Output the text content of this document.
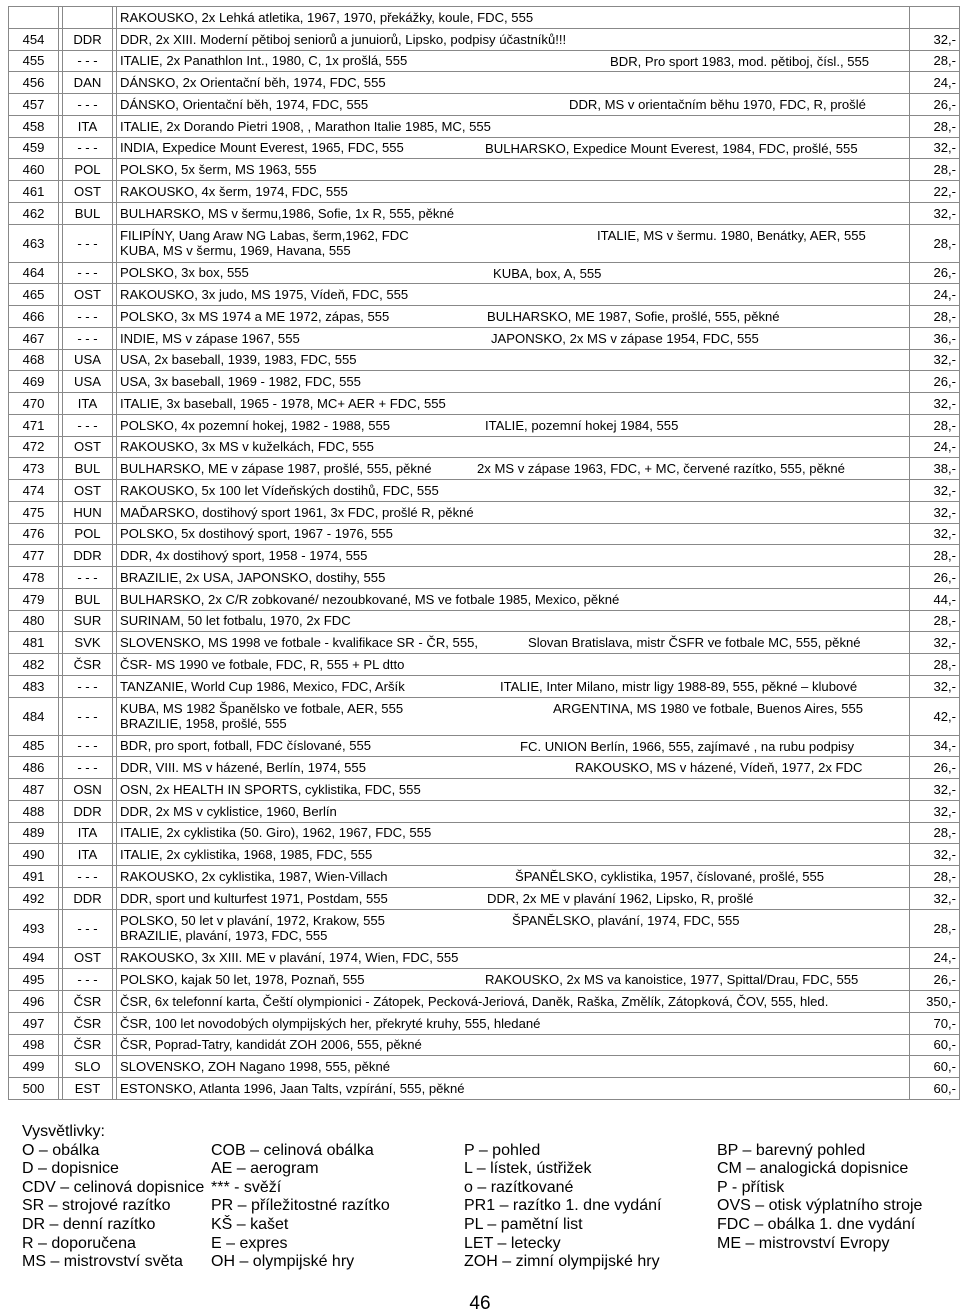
				RAKOUSKO, 2x Lehká atletika, 1967, 1970, překážky, koule, FDC, 555	
454		DDR		DDR, 2x XIII. Moderní pětiboj seniorů a junuiorů, Lipsko, podpisy účastníků!!!	32,-
455		- - -		ITALIE, 2x Panathlon Int., 1980, C, 1x prošlá, 555 BDR, Pro sport 1983, mod. pětiboj, čísl., 555	28,-
456		DAN		DÁNSKO, 2x Orientační běh, 1974, FDC, 555	24,-
457		- - -		DÁNSKO, Orientační běh, 1974, FDC, 555 DDR, MS v orientačním běhu 1970, FDC, R, prošlé	26,-
458		ITA		ITALIE, 2x Dorando Pietri 1908, , Marathon Italie 1985, MC, 555	28,-
459		- - -		INDIA, Expedice Mount Everest, 1965, FDC, 555 BULHARSKO, Expedice Mount Everest, 1984, FDC, prošlé, 555	32,-
460		POL		POLSKO, 5x šerm, MS 1963, 555	28,-
461		OST		RAKOUSKO, 4x šerm, 1974, FDC, 555	22,-
462		BUL		BULHARSKO, MS v šermu,1986, Sofie, 1x R, 555, pěkné	32,-
463		- - -		FILIPÍNY, Uang Araw NG Labas, šerm,1962, FDC
KUBA, MS v šermu, 1969, Havana, 555
ITALIE, MS v šermu. 1980, Benátky, AER, 555	28,-
464		- - -		POLSKO, 3x box, 555 KUBA, box, A, 555	26,-
465		OST		RAKOUSKO, 3x judo, MS 1975, Vídeň, FDC, 555	24,-
466		- - -		POLSKO, 3x MS 1974 a ME 1972, zápas, 555 BULHARSKO, ME 1987, Sofie, prošlé, 555, pěkné	28,-
467		- - -		INDIE, MS v zápase 1967, 555 JAPONSKO, 2x MS v zápase 1954, FDC, 555	36,-
468		USA		USA, 2x baseball, 1939, 1983, FDC, 555	32,-
469		USA		USA, 3x baseball, 1969 - 1982, FDC, 555	26,-
470		ITA		ITALIE, 3x baseball, 1965 - 1978, MC+ AER + FDC, 555	32,-
471		- - -		POLSKO, 4x pozemní hokej, 1982 - 1988, 555 ITALIE, pozemní hokej 1984, 555	28,-
472		OST		RAKOUSKO, 3x MS v kuželkách, FDC, 555	24,-
473		BUL		BULHARSKO, ME v zápase 1987, prošlé, 555, pěkné 2x MS v zápase 1963, FDC, + MC, červené razítko, 555, pěkné	38,-
474		OST		RAKOUSKO, 5x 100 let Vídeňských dostihů, FDC, 555	32,-
475		HUN		MAĎARSKO, dostihový sport 1961, 3x FDC, prošlé R, pěkné	32,-
476		POL		POLSKO, 5x dostihový sport, 1967 - 1976, 555	32,-
477		DDR		DDR, 4x dostihový sport, 1958 - 1974, 555	28,-
478		- - -		BRAZILIE, 2x USA, JAPONSKO, dostihy, 555	26,-
479		BUL		BULHARSKO, 2x C/R zobkované/ nezoubkované, MS ve fotbale 1985, Mexico, pěkné	44,-
480		SUR		SURINAM, 50 let fotbalu, 1970, 2x FDC	28,-
481		SVK		SLOVENSKO, MS 1998 ve fotbale - kvalifikace SR - ČR, 555, Slovan Bratislava, mistr ČSFR ve fotbale MC, 555, pěkné	32,-
482		ČSR		ČSR- MS 1990 ve fotbale, FDC, R, 555 + PL dtto	28,-
483		- - -		TANZANIE, World Cup 1986, Mexico, FDC, Aršík ITALIE, Inter Milano, mistr ligy 1988-89, 555, pěkné – klubové	32,-
484		- - -		KUBA, MS 1982 Španělsko ve fotbale, AER, 555
BRAZILIE, 1958, prošlé, 555
ARGENTINA, MS 1980 ve fotbale, Buenos Aires, 555	42,-
485		- - -		BDR, pro sport, fotball, FDC číslované, 555 FC. UNION Berlín, 1966, 555, zajímavé , na rubu podpisy	34,-
486		- - -		DDR, VIII. MS v házené, Berlín, 1974, 555 RAKOUSKO, MS v házené, Vídeň, 1977, 2x FDC	26,-
487		OSN		OSN, 2x HEALTH IN SPORTS, cyklistika, FDC, 555	32,-
488		DDR		DDR, 2x MS v cyklistice, 1960, Berlín	32,-
489		ITA		ITALIE, 2x cyklistika (50. Giro), 1962, 1967, FDC, 555	28,-
490		ITA		ITALIE, 2x cyklistika, 1968, 1985, FDC, 555	32,-
491		- - -		RAKOUSKO, 2x cyklistika, 1987, Wien-Villach ŠPANĚLSKO, cyklistika, 1957, číslované, prošlé, 555	28,-
492		DDR		DDR, sport und kulturfest 1971, Postdam, 555 DDR, 2x ME v plavání 1962, Lipsko, R, prošlé	32,-
493		- - -		POLSKO, 50 let v plavání, 1972, Krakow, 555
BRAZILIE, plavání, 1973, FDC, 555
ŠPANĚLSKO, plavání, 1974, FDC, 555	28,-
494		OST		RAKOUSKO, 3x XIII. ME v plavání, 1974, Wien, FDC, 555	24,-
495		- - -		POLSKO, kajak 50 let, 1978, Poznaň, 555 RAKOUSKO, 2x MS va kanoistice, 1977, Spittal/Drau, FDC, 555	26,-
496		ČSR		ČSR, 6x telefonní karta, Čeští olympionici - Zátopek, Pecková-Jeriová, Daněk, Raška, Změlík, Zátopková, ČOV, 555, hled.	350,-
497		ČSR		ČSR, 100 let novodobých olympijských her, překryté kruhy, 555, hledané	70,-
498		ČSR		ČSR, Poprad-Tatry, kandidát ZOH 2006, 555, pěkné	60,-
499		SLO		SLOVENSKO, ZOH Nagano 1998, 555, pěkné	60,-
500		EST		ESTONSKO, Atlanta 1996, Jaan Talts, vzpírání, 555, pěkné	60,-
Vysvětlivky:
O – obálka
D – dopisnice
CDV – celinová dopisnice
SR – strojové razítko
DR – denní razítko
R – doporučena
MS – mistrovství světa
COB – celinová obálka
AE – aerogram
*** - svěží
PR – příležitostné razítko
KŠ – kašet
E – expres
OH – olympijské hry
P – pohled
L – lístek, ústřižek
o – razítkované
PR1 – razítko 1. dne vydání
PL – pamětní list
LET – letecky
ZOH – zimní olympijské hry
BP – barevný pohled
CM – analogická dopisnice
P - přítisk
OVS – otisk výplatního stroje
FDC – obálka 1. dne vydání
ME – mistrovství Evropy
46
